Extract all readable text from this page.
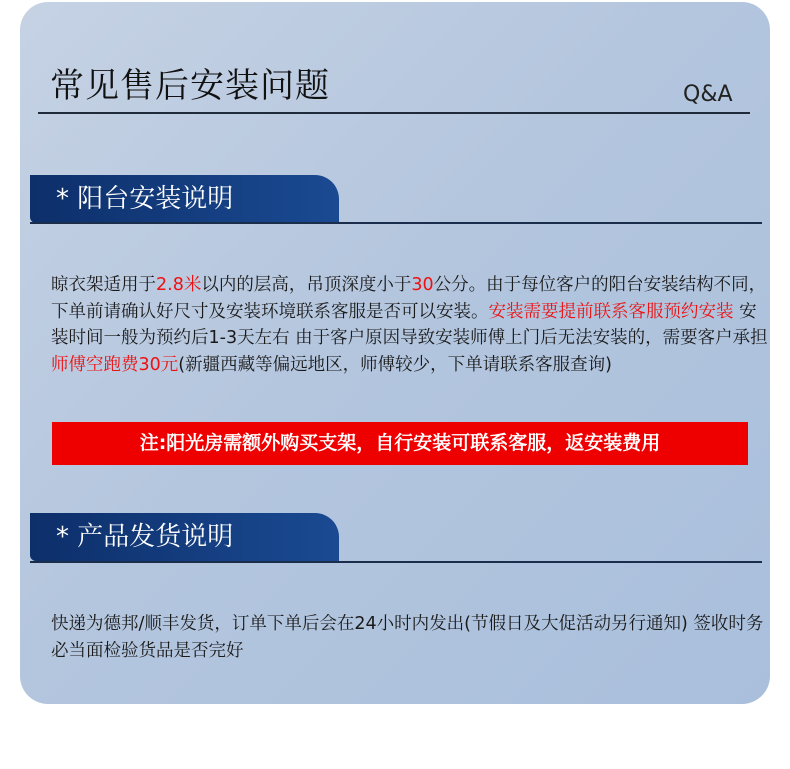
常见售后安装问题	Q&A
* 阳台安装说明

晾衣架适用于2.8米以内的层高，吊顶深度小于30公分。由于每位客户的阳台安装结构不同，下单前请确认好尺寸及安装环境联系客服是否可以安装。安装需要提前联系客服预约安装 安装时间一般为预约后1-3天左右 由于客户原因导致安装师傅上门后无法安装的，需要客户承担师傅空跑费30元(新疆西藏等偏远地区，师傅较少，下单请联系客服查询)

注:阳光房需额外购买支架，自行安装可联系客服，返安装费用
* 产品发货说明

快递为德邦/顺丰发货，订单下单后会在24小时内发出(节假日及大促活动另行通知) 签收时务必当面检验货品是否完好
